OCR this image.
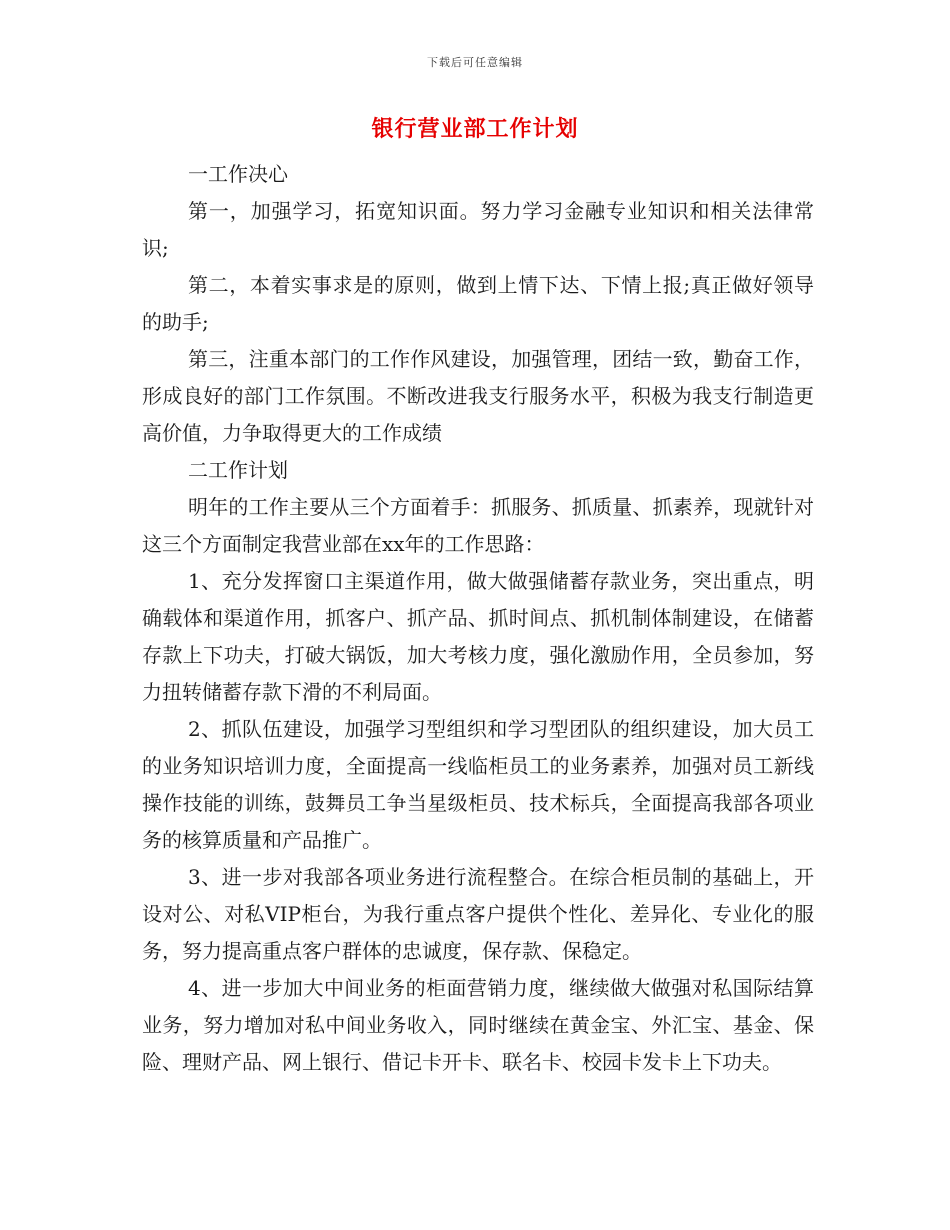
下载后可任意编辑
银行营业部工作计划

一工作决心

第一，加强学习，拓宽知识面。努力学习金融专业知识和相关法律常识;

第二，本着实事求是的原则，做到上情下达、下情上报;真正做好领导的助手;

第三，注重本部门的工作作风建设，加强管理，团结一致，勤奋工作，形成良好的部门工作氛围。不断改进我支行服务水平，积极为我支行制造更高价值，力争取得更大的工作成绩

二工作计划

明年的工作主要从三个方面着手：抓服务、抓质量、抓素养，现就针对这三个方面制定我营业部在xx年的工作思路：

1、充分发挥窗口主渠道作用，做大做强储蓄存款业务，突出重点，明确载体和渠道作用，抓客户、抓产品、抓时间点、抓机制体制建设，在储蓄存款上下功夫，打破大锅饭，加大考核力度，强化激励作用，全员参加，努力扭转储蓄存款下滑的不利局面。

2、抓队伍建设，加强学习型组织和学习型团队的组织建设，加大员工的业务知识培训力度，全面提高一线临柜员工的业务素养，加强对员工新线操作技能的训练，鼓舞员工争当星级柜员、技术标兵，全面提高我部各项业务的核算质量和产品推广。

3、进一步对我部各项业务进行流程整合。在综合柜员制的基础上，开设对公、对私VIP柜台，为我行重点客户提供个性化、差异化、专业化的服务，努力提高重点客户群体的忠诚度，保存款、保稳定。

4、进一步加大中间业务的柜面营销力度，继续做大做强对私国际结算业务，努力增加对私中间业务收入，同时继续在黄金宝、外汇宝、基金、保险、理财产品、网上银行、借记卡开卡、联名卡、校园卡发卡上下功夫。
